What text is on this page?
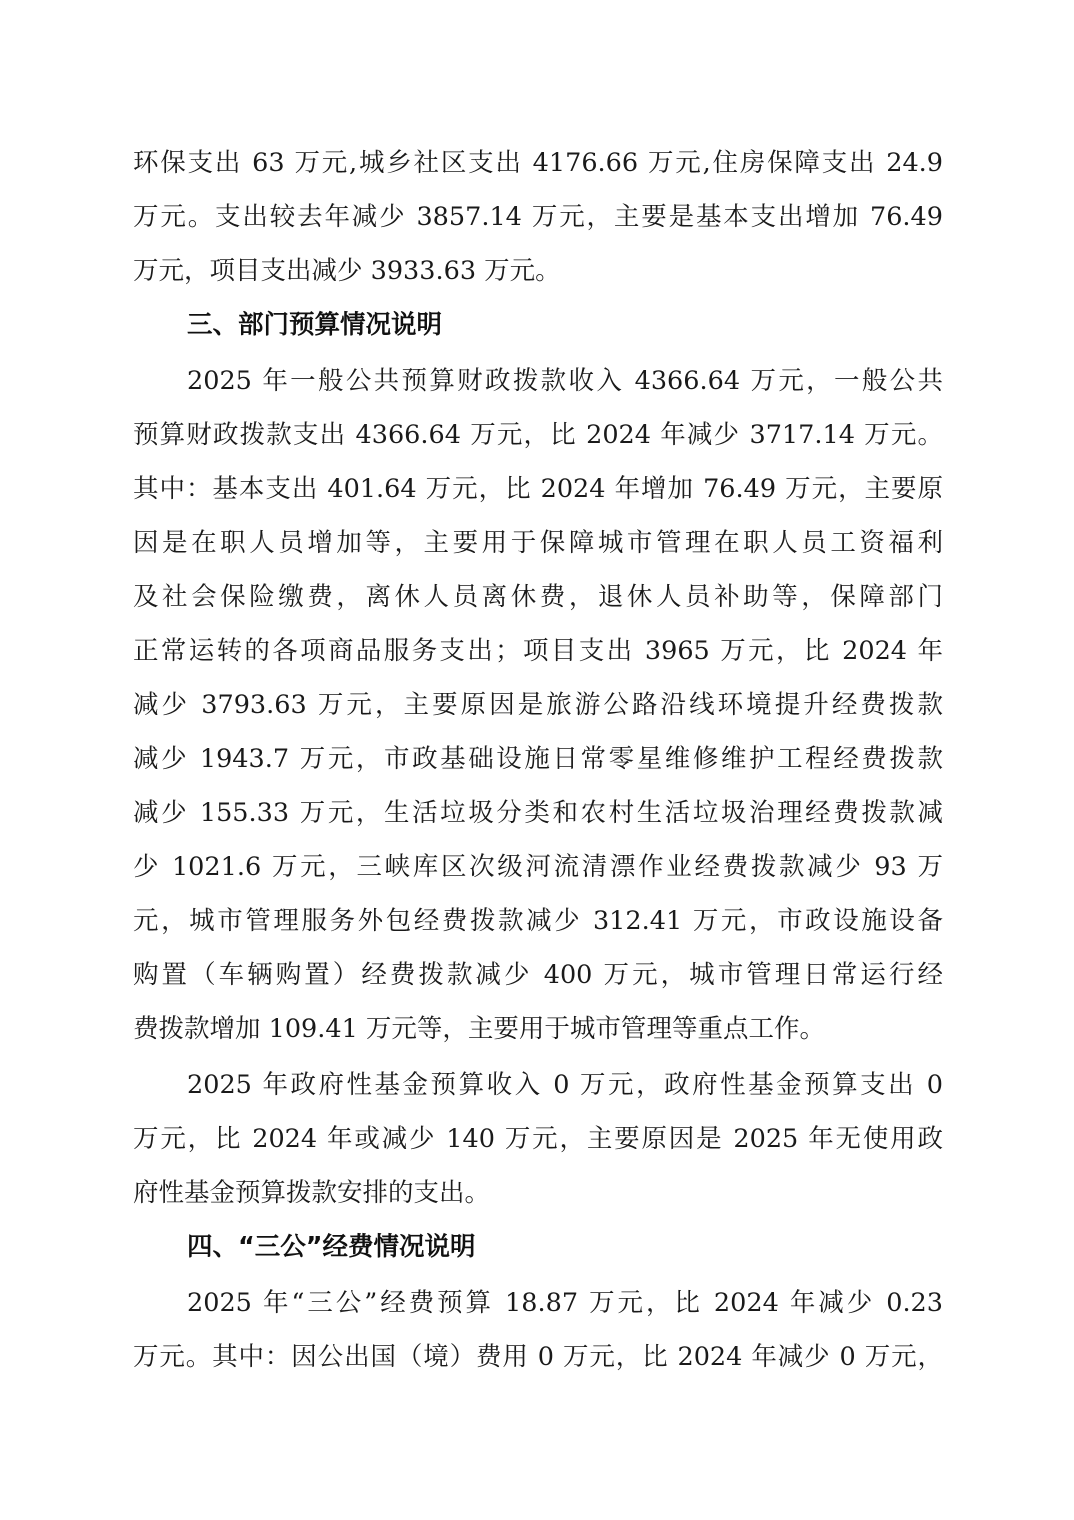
环保支出 63 万元,城乡社区支出 4176.66 万元,住房保障支出 24.9
万元。支出较去年减少 3857.14 万元，主要是基本支出增加 76.49
万元，项目支出减少 3933.63 万元。
三、部门预算情况说明
2025 年一般公共预算财政拨款收入 4366.64 万元，一般公共
预算财政拨款支出 4366.64 万元，比 2024 年减少 3717.14 万元。
其中：基本支出 401.64 万元，比 2024 年增加 76.49 万元，主要原
因是在职人员增加等，主要用于保障城市管理在职人员工资福利
及社会保险缴费，离休人员离休费，退休人员补助等，保障部门
正常运转的各项商品服务支出；项目支出 3965 万元，比 2024 年
减少 3793.63 万元，主要原因是旅游公路沿线环境提升经费拨款
减少 1943.7 万元，市政基础设施日常零星维修维护工程经费拨款
减少 155.33 万元，生活垃圾分类和农村生活垃圾治理经费拨款减
少 1021.6 万元，三峡库区次级河流清漂作业经费拨款减少 93 万
元，城市管理服务外包经费拨款减少 312.41 万元，市政设施设备
购置（车辆购置）经费拨款减少 400 万元，城市管理日常运行经
费拨款增加 109.41 万元等，主要用于城市管理等重点工作。
2025 年政府性基金预算收入 0 万元，政府性基金预算支出 0
万元，比 2024 年或减少 140 万元，主要原因是 2025 年无使用政
府性基金预算拨款安排的支出。
四、“三公”经费情况说明
2025 年“三公”经费预算 18.87 万元，比 2024 年减少 0.23
万元。其中：因公出国（境）费用 0 万元，比 2024 年减少 0 万元，
